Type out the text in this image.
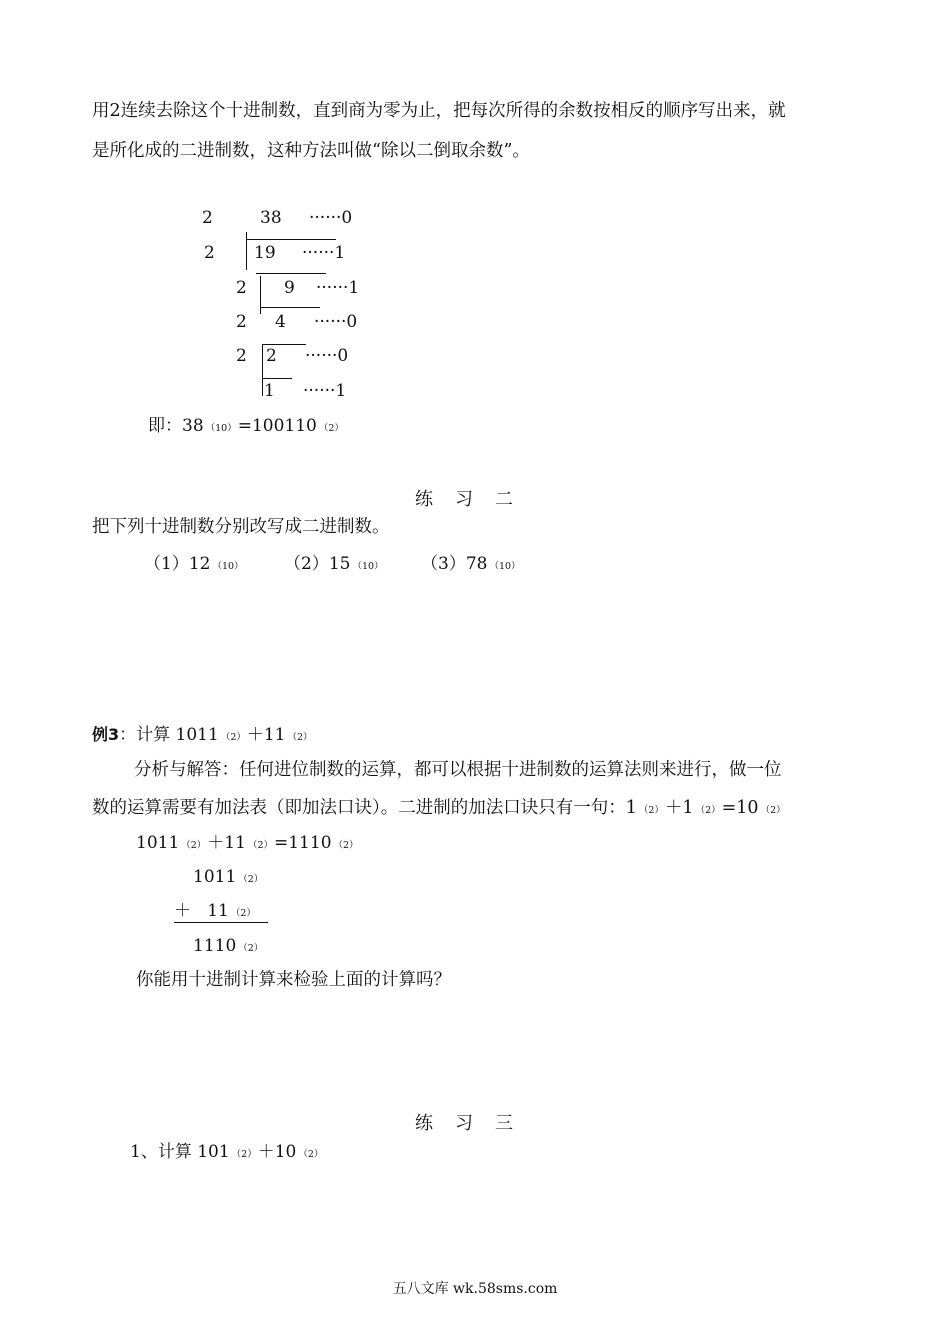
用2连续去除这个十进制数，直到商为零为止，把每次所得的余数按相反的顺序写出来，就
是所化成的二进制数，这种方法叫做“除以二倒取余数”。
2	38 ······0
2 19 ······1
2 9 ······1
2 4 ······0
2 2 ······0
1 ······1
即：38 （10）=100110 （2）
练习二
把下列十进制数分别改写成二进制数。
（1）12 （10） （2）15 （10） （3）78 （10）
例3：计算 1011 （2）＋11 （2）
分析与解答：任何进位制数的运算，都可以根据十进制数的运算法则来进行，做一位
数的运算需要有加法表（即加法口诀）。二进制的加法口诀只有一句：1 （2）＋1 （2）=10 （2）
1011 （2）＋11 （2）=1110 （2）
1011 （2）
＋ 11 （2）
1110 （2）
你能用十进制计算来检验上面的计算吗？
练习三
1、计算 101 （2）＋10 （2）
五八文库 wk.58sms.com
